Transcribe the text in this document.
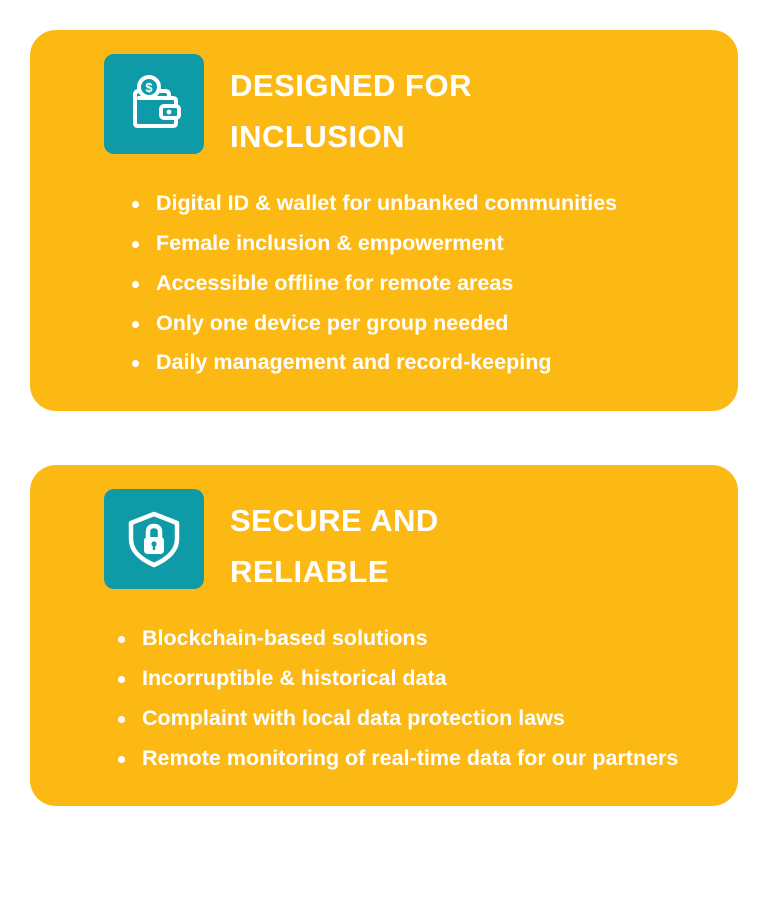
$ DESIGNED FOR INCLUSION
Digital ID & wallet for unbanked communities
Female inclusion & empowerment
Accessible offline for remote areas
Only one device per group needed
Daily management and record-keeping
SECURE AND RELIABLE
Blockchain-based solutions
Incorruptible & historical data
Complaint with local data protection laws
Remote monitoring of real-time data for our partners
